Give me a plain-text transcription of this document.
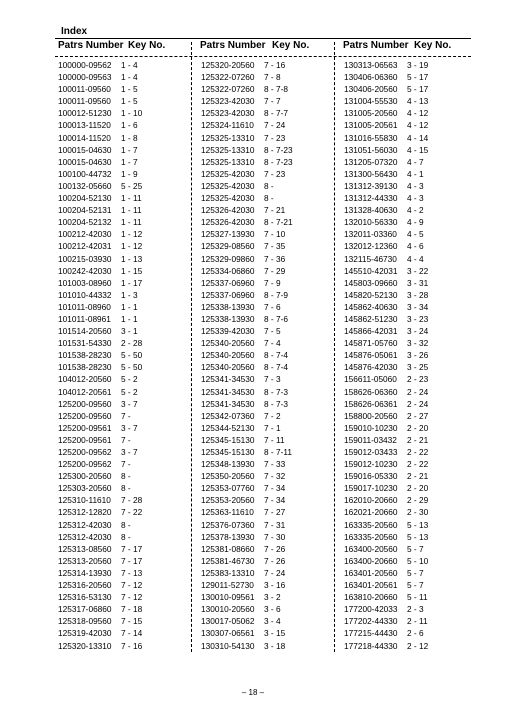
Index
Patrs Number Key No.	Patrs Number Key No.	Patrs Number Key No.
100000-09562 1 - 4
100000-09563 1 - 4
100011-09560 1 - 5
100011-09560 1 - 5
100012-51230 1 - 10
100013-11520 1 - 6
100014-11520 1 - 8
100015-04630 1 - 7
100015-04630 1 - 7
100100-44732 1 - 9
100132-05660 5 - 25
100204-52130 1 - 11
100204-52131 1 - 11
100204-52132 1 - 11
100212-42030 1 - 12
100212-42031 1 - 12
100215-03930 1 - 13
100242-42030 1 - 15
101003-08960 1 - 17
101010-44332 1 - 3
101011-08960 1 - 1
101011-08961 1 - 1
101514-20560 3 - 1
101531-54330 2 - 28
101538-28230 5 - 50
101538-28230 5 - 50
104012-20560 5 - 2
104012-20561 5 - 2
125200-09560 3 - 7
125200-09560 7 -
125200-09561 3 - 7
125200-09561 7 -
125200-09562 3 - 7
125200-09562 7 -
125300-20560 8 -
125303-20560 8 -
125310-11610 7 - 28
125312-12820 7 - 22
125312-42030 8 -
125312-42030 8 -
125313-08560 7 - 17
125313-20560 7 - 17
125314-13930 7 - 13
125316-20560 7 - 12
125316-53130 7 - 12
125317-06860 7 - 18
125318-09560 7 - 15
125319-42030 7 - 14
125320-13310 7 - 16
125320-20560 7 - 16
125322-07260 7 - 8
125322-07260 8 - 7-8
125323-42030 7 - 7
125323-42030 8 - 7-7
125324-11610 7 - 24
125325-13310 7 - 23
125325-13310 8 - 7-23
125325-13310 8 - 7-23
125325-42030 7 - 23
125325-42030 8 -
125325-42030 8 -
125326-42030 7 - 21
125326-42030 8 - 7-21
125327-13930 7 - 10
125329-08560 7 - 35
125329-09860 7 - 36
125334-06860 7 - 29
125337-06960 7 - 9
125337-06960 8 - 7-9
125338-13930 7 - 6
125338-13930 8 - 7-6
125339-42030 7 - 5
125340-20560 7 - 4
125340-20560 8 - 7-4
125340-20560 8 - 7-4
125341-34530 7 - 3
125341-34530 8 - 7-3
125341-34530 8 - 7-3
125342-07360 7 - 2
125344-52130 7 - 1
125345-15130 7 - 11
125345-15130 8 - 7-11
125348-13930 7 - 33
125350-20560 7 - 32
125353-07760 7 - 34
125353-20560 7 - 34
125363-11610 7 - 27
125376-07360 7 - 31
125378-13930 7 - 30
125381-08660 7 - 26
125381-46730 7 - 26
125383-13310 7 - 24
129011-52730 3 - 16
130010-09561 3 - 2
130010-20560 3 - 6
130017-05062 3 - 4
130307-06561 3 - 15
130310-54130 3 - 18
130313-06563 3 - 19
130406-06360 5 - 17
130406-20560 5 - 17
131004-55530 4 - 13
131005-20560 4 - 12
131005-20561 4 - 12
131016-55830 4 - 14
131051-56030 4 - 15
131205-07320 4 - 7
131300-56430 4 - 1
131312-39130 4 - 3
131312-44330 4 - 3
131328-40630 4 - 2
132010-56330 4 - 9
132011-03360 4 - 5
132012-12360 4 - 6
132115-46730 4 - 4
145510-42031 3 - 22
145803-09660 3 - 31
145820-52130 3 - 28
145862-40630 3 - 34
145862-51230 3 - 23
145866-42031 3 - 24
145871-05760 3 - 32
145876-05061 3 - 26
145876-42030 3 - 25
156611-05060 2 - 23
158626-06360 2 - 24
158626-06361 2 - 24
158800-20560 2 - 27
159010-10230 2 - 20
159011-03432 2 - 21
159012-03433 2 - 22
159012-10230 2 - 22
159016-05330 2 - 21
159017-10230 2 - 20
162010-20660 2 - 29
162021-20660 2 - 30
163335-20560 5 - 13
163335-20560 5 - 13
163400-20560 5 - 7
163400-20660 5 - 10
163401-20560 5 - 7
163401-20561 5 - 7
163810-20660 5 - 11
177200-42033 2 - 3
177202-44330 2 - 11
177215-44430 2 - 6
177218-44330 2 - 12
– 18 –
